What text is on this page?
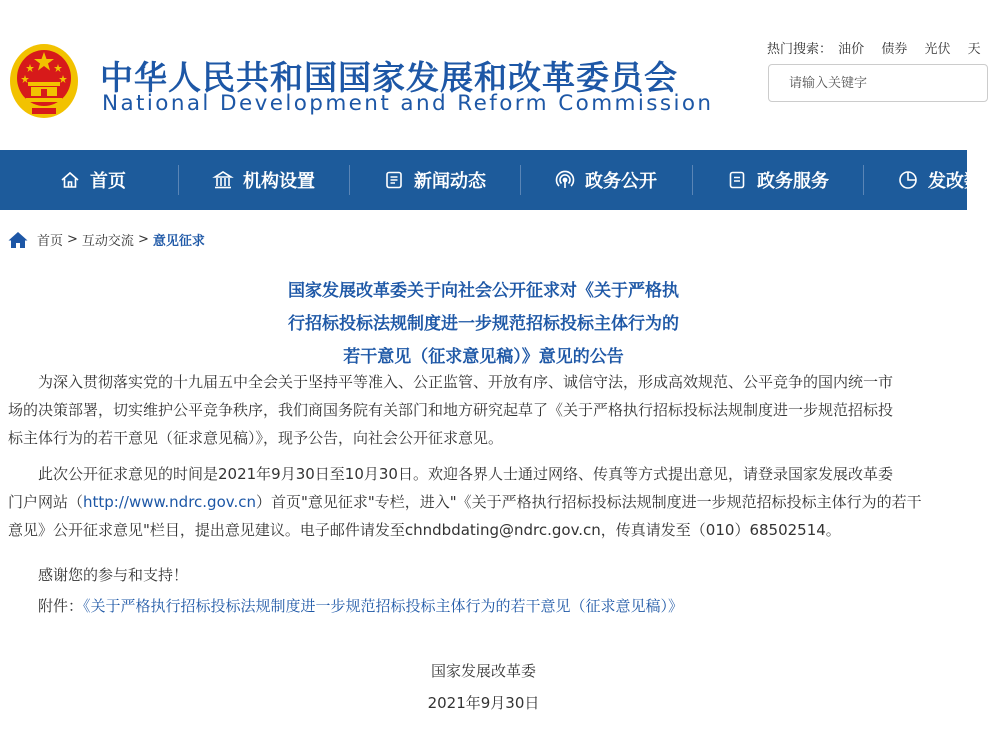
中华人民共和国国家发展和改革委员会
National Development and Reform Commission
热门搜索： 油价 债券 光伏 天
请输入关键字
首页	机构设置	新闻动态	政务公开	政务服务	发改数
首页 > 互动交流 > 意见征求
国家发展改革委关于向社会公开征求对《关于严格执
行招标投标法规制度进一步规范招标投标主体行为的
若干意见（征求意见稿）》意见的公告
　　为深入贯彻落实党的十九届五中全会关于坚持平等准入、公正监管、开放有序、诚信守法，形成高效规范、公平竞争的国内统一市
场的决策部署，切实维护公平竞争秩序，我们商国务院有关部门和地方研究起草了《关于严格执行招标投标法规制度进一步规范招标投
标主体行为的若干意见（征求意见稿）》，现予公告，向社会公开征求意见。
　　此次公开征求意见的时间是2021年9月30日至10月30日。欢迎各界人士通过网络、传真等方式提出意见，请登录国家发展改革委
门户网站（http://www.ndrc.gov.cn）首页"意见征求"专栏，进入"《关于严格执行招标投标法规制度进一步规范招标投标主体行为的若干
意见》公开征求意见"栏目，提出意见建议。电子邮件请发至chndbdating@ndrc.gov.cn，传真请发至（010）68502514。
　　感谢您的参与和支持！
　　附件：《关于严格执行招标投标法规制度进一步规范招标投标主体行为的若干意见（征求意见稿）》
国家发展改革委
2021年9月30日
